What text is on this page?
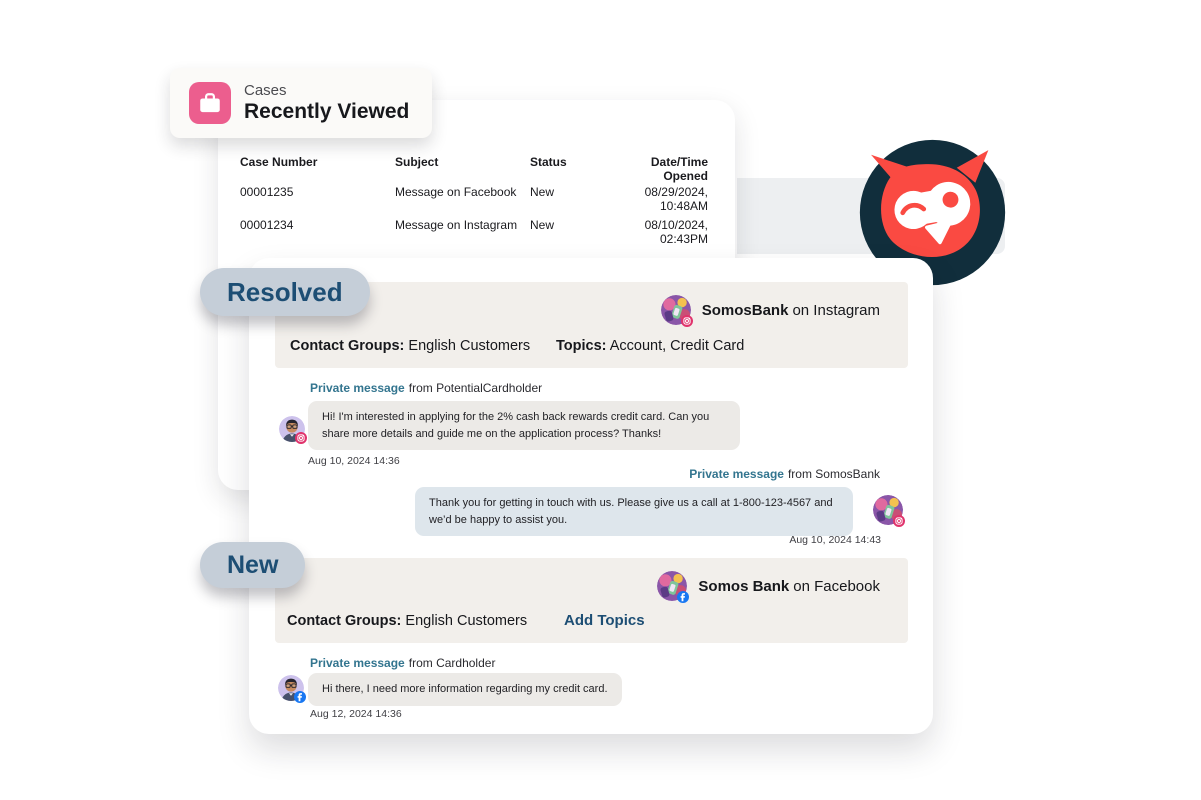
Case Number	Subject	Status	Date/Time Opened
00001235	Message on Facebook	New	08/29/2024, 10:48AM
00001234	Message on Instagram	New	08/10/2024, 02:43PM
Cases
Recently Viewed
SomosBank on Instagram
Contact Groups: English Customers Topics: Account, Credit Card
Private message from PotentialCardholder
Hi! I'm interested in applying for the 2% cash back rewards credit card. Can you share more details and guide me on the application process? Thanks!
Aug 10, 2024 14:36
Private message from SomosBank
Thank you for getting in touch with us. Please give us a call at 1-800-123-4567 and we’d be happy to assist you.
Aug 10, 2024 14:43
Somos Bank on Facebook
Contact Groups: English Customers Add Topics
Private message from Cardholder
Hi there, I need more information regarding my credit card.
Aug 12, 2024 14:36
Resolved
New
